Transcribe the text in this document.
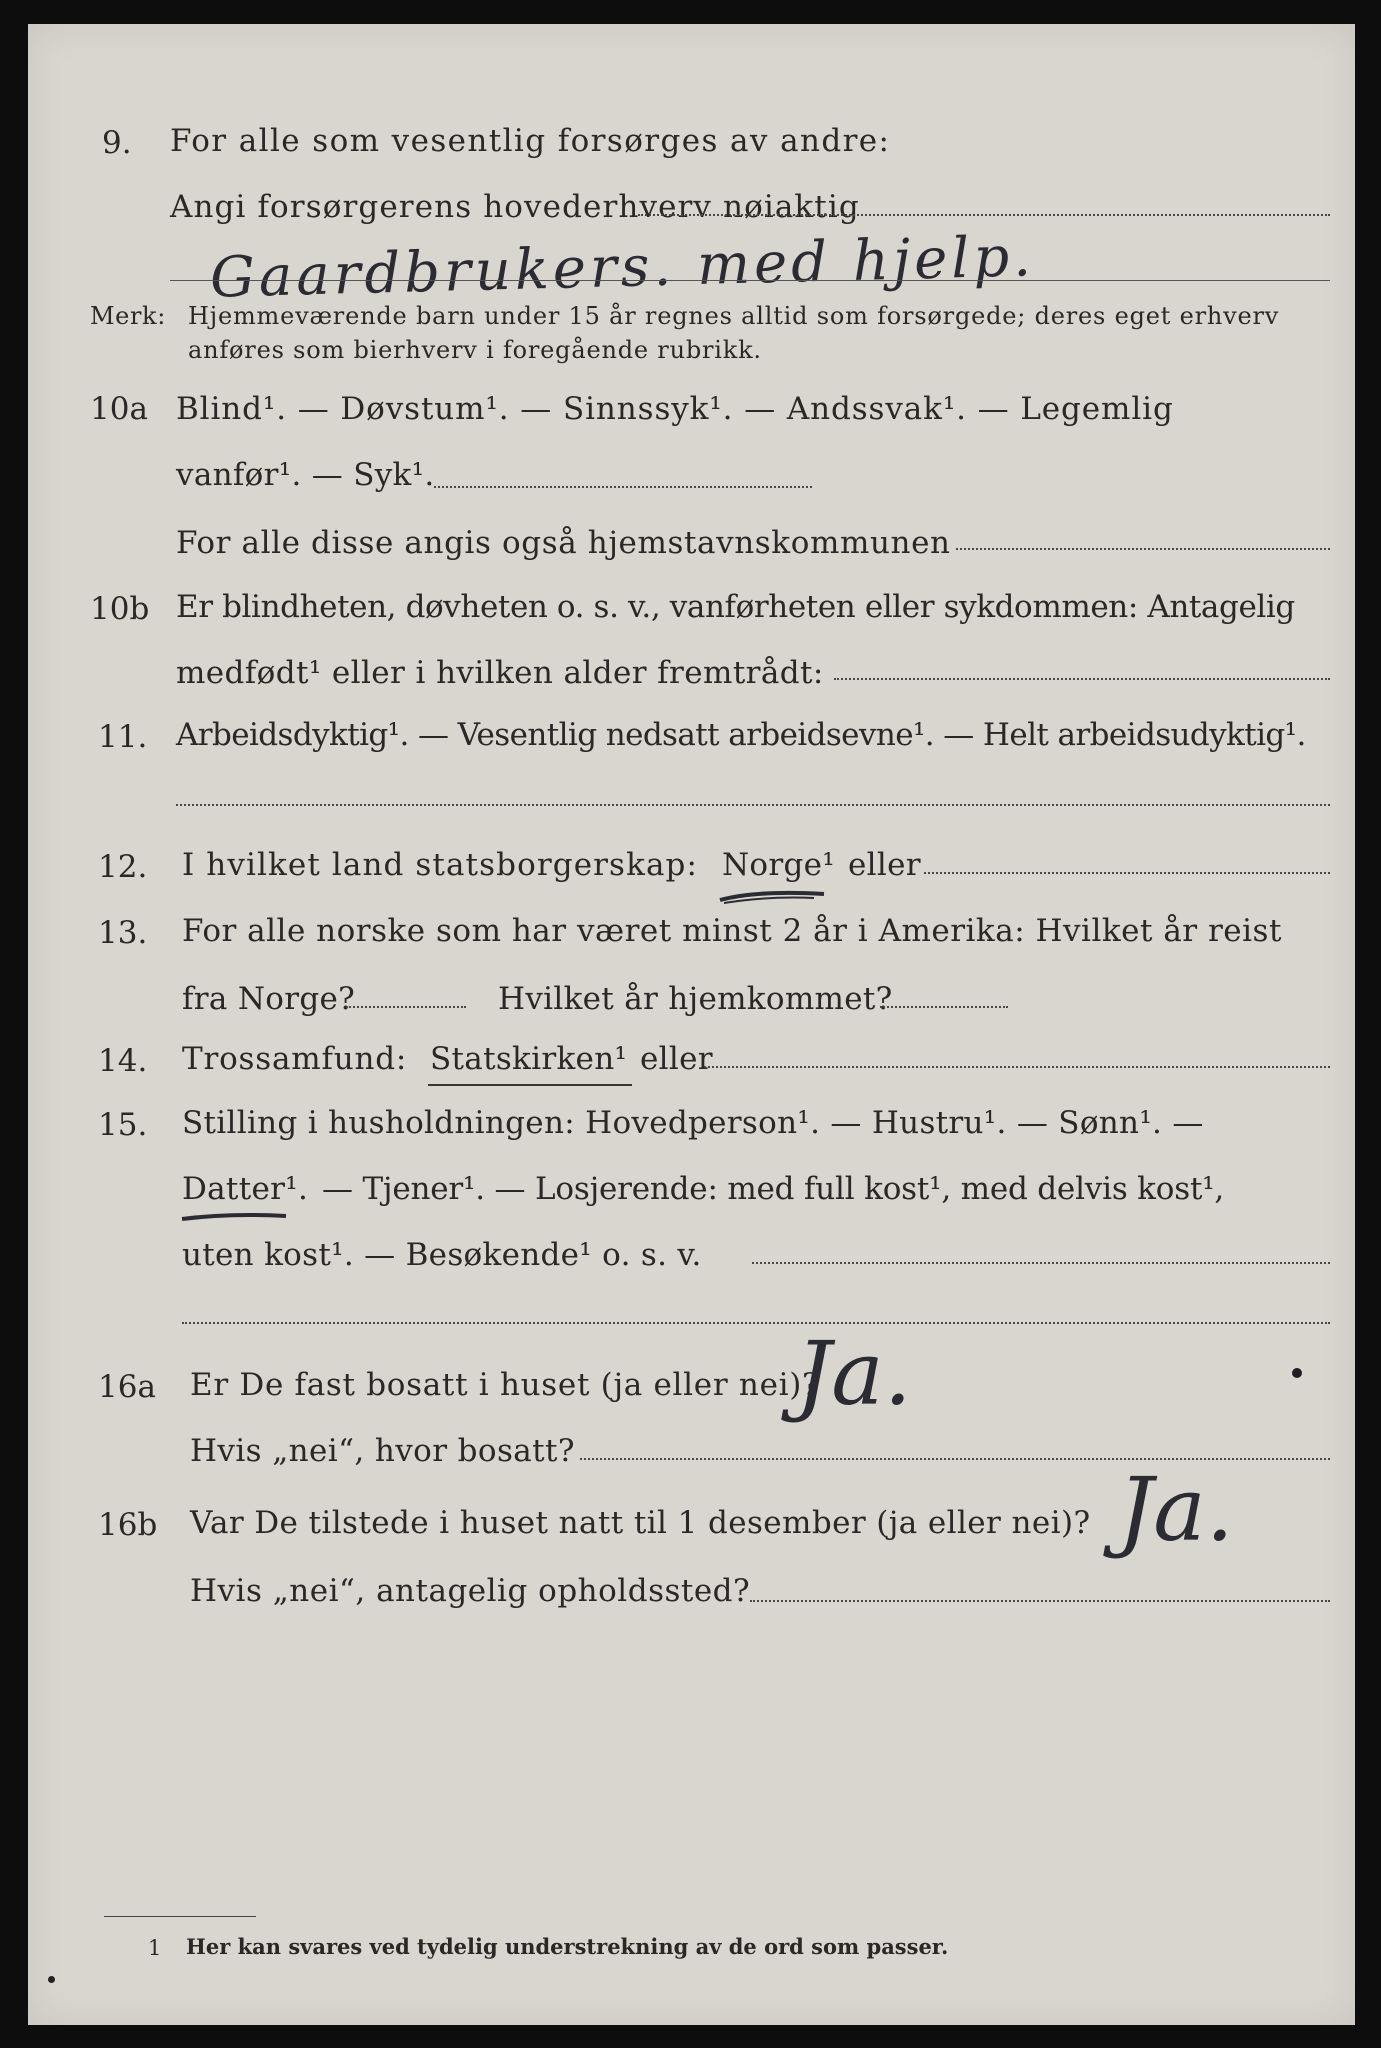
9. For alle som vesentlig forsørges av andre:
Angi forsørgerens hovederhverv nøiaktig
Gaardbrukers. med hjelp.
Merk: Hjemmeværende barn under 15 år regnes alltid som forsørgede; deres eget erhverv
anføres som bierhverv i foregående rubrikk.
10a Blind¹. — Døvstum¹. — Sinnssyk¹. — Andssvak¹. — Legemlig
vanfør¹. — Syk¹.
For alle disse angis også hjemstavnskommunen
10b Er blindheten, døvheten o. s. v., vanførheten eller sykdommen: Antagelig
medfødt¹ eller i hvilken alder fremtrådt:
11. Arbeidsdyktig¹. — Vesentlig nedsatt arbeidsevne¹. — Helt arbeidsudyktig¹.
12. I hvilket land statsborgerskap: Norge¹ eller
13. For alle norske som har været minst 2 år i Amerika: Hvilket år reist
fra Norge?	Hvilket år hjemkommet?
14. Trossamfund: Statskirken¹ eller
15. Stilling i husholdningen: Hovedperson¹. — Hustru¹. — Sønn¹. —
Datter¹. — Tjener¹. — Losjerende: med full kost¹, med delvis kost¹,
uten kost¹. — Besøkende¹ o. s. v.
16a Er De fast bosatt i huset (ja eller nei)?
Ja.
Hvis „nei“, hvor bosatt?
16b Var De tilstede i huset natt til 1 desember (ja eller nei)? Ja.
Hvis „nei“, antagelig opholdssted?
1 Her kan svares ved tydelig understrekning av de ord som passer.
